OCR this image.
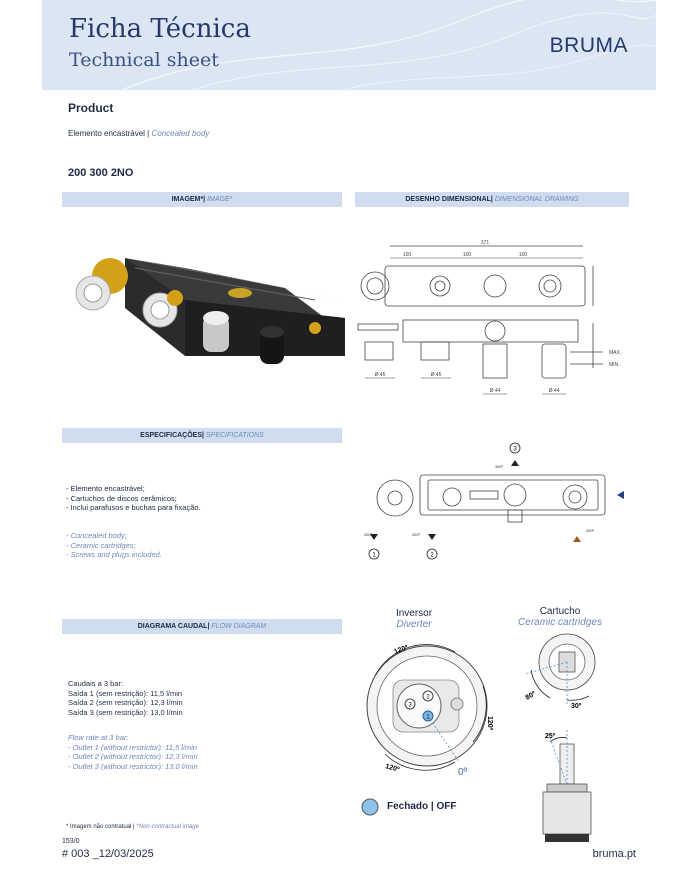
Ficha Técnica
Technical sheet
BRUMA
Product
Elemento encastrável | Concealed body
200 300 2NO
IMAGEM* | IMAGE*	DESENHO DIMENSIONAL | DIMENSIONAL DRAWING
ESPECIFICAÇÕES | SPECIFICATIONS
DIAGRAMA CAUDAL | FLOW DIAGRAM
371
100	100	100
MAX.
MIN.
Ø 45	Ø 45
Ø 44	Ø 44
- Elemento encastrável;
- Cartuchos de discos cerâmicos;
- Inclui parafusos e buchas para fixação.
- Concealed body;
- Ceramic cartridges;
- Screws and plugs included.
3
1	2
360º
360º	360º
360º
Caudais a 3 bar:
Saída 1 (sem restrição): 11,5 l/min
Saída 2 (sem restrição): 12,3 l/min
Saída 3 (sem restrição): 13,0 l/min
Flow rate at 3 bar:
- Outlet 1 (without restrictor): 11,5 l/min
- Outlet 2 (without restrictor): 12,3 l/min
- Outlet 3 (without restrictor): 13,0 l/min
Inversor
Diverter
Cartucho
Ceramic cartridges
2
3
1
120º
120º
120º	0º
Fechado | OFF
80º
30º
25º
* Imagem não contratual | *Non-contractual image
153/0
# 003 _12/03/2025	bruma.pt
